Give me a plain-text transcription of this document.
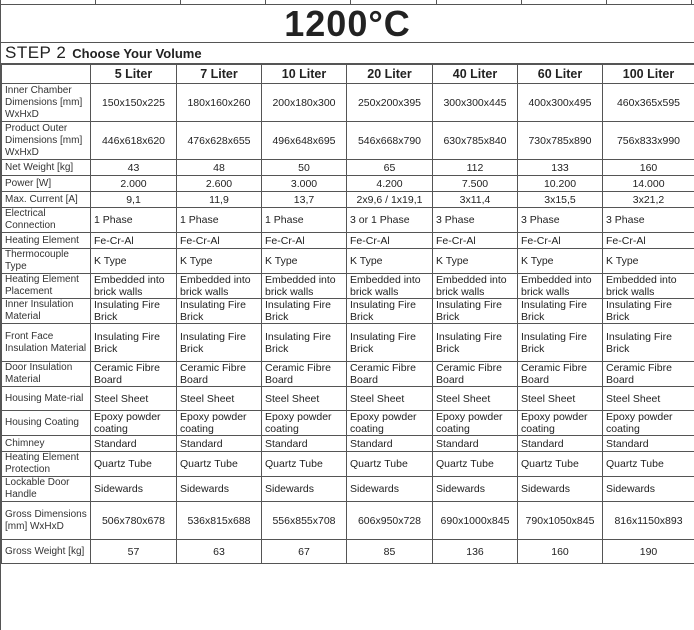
1200°C
STEP 2 Choose Your Volume
	5 Liter	7 Liter	10 Liter	20 Liter	40 Liter	60 Liter	100 Liter
Inner Chamber Dimensions [mm] WxHxD	150x150x225	180x160x260	200x180x300	250x200x395	300x300x445	400x300x495	460x365x595
Product Outer Dimensions [mm] WxHxD	446x618x620	476x628x655	496x648x695	546x668x790	630x785x840	730x785x890	756x833x990
Net Weight [kg]	43	48	50	65	112	133	160
Power [W]	2.000	2.600	3.000	4.200	7.500	10.200	14.000
Max. Current [A]	9,1	11,9	13,7	2x9,6 / 1x19,1	3x11,4	3x15,5	3x21,2
Electrical Connection	1 Phase	1 Phase	1 Phase	3 or 1 Phase	3 Phase	3 Phase	3 Phase
Heating Element	Fe-Cr-Al	Fe-Cr-Al	Fe-Cr-Al	Fe-Cr-Al	Fe-Cr-Al	Fe-Cr-Al	Fe-Cr-Al
Thermocouple Type	K Type	K Type	K Type	K Type	K Type	K Type	K Type
Heating Element Placement	Embedded into brick walls	Embedded into brick walls	Embedded into brick walls	Embedded into brick walls	Embedded into brick walls	Embedded into brick walls	Embedded into brick walls
Inner Insulation Material	Insulating Fire Brick	Insulating Fire Brick	Insulating Fire Brick	Insulating Fire Brick	Insulating Fire Brick	Insulating Fire Brick	Insulating Fire Brick
Front Face Insulation Material	Insulating Fire Brick	Insulating Fire Brick	Insulating Fire Brick	Insulating Fire Brick	Insulating Fire Brick	Insulating Fire Brick	Insulating Fire Brick
Door Insulation Material	Ceramic Fibre Board	Ceramic Fibre Board	Ceramic Fibre Board	Ceramic Fibre Board	Ceramic Fibre Board	Ceramic Fibre Board	Ceramic Fibre Board
Housing Mate-rial	Steel Sheet	Steel Sheet	Steel Sheet	Steel Sheet	Steel Sheet	Steel Sheet	Steel Sheet
Housing Coating	Epoxy powder coating	Epoxy powder coating	Epoxy powder coating	Epoxy powder coating	Epoxy powder coating	Epoxy powder coating	Epoxy powder coating
Chimney	Standard	Standard	Standard	Standard	Standard	Standard	Standard
Heating Element Protection	Quartz Tube	Quartz Tube	Quartz Tube	Quartz Tube	Quartz Tube	Quartz Tube	Quartz Tube
Lockable Door Handle	Sidewards	Sidewards	Sidewards	Sidewards	Sidewards	Sidewards	Sidewards
Gross Dimensions [mm] WxHxD	506x780x678	536x815x688	556x855x708	606x950x728	690x1000x845	790x1050x845	816x1150x893
Gross Weight [kg]	57	63	67	85	136	160	190
